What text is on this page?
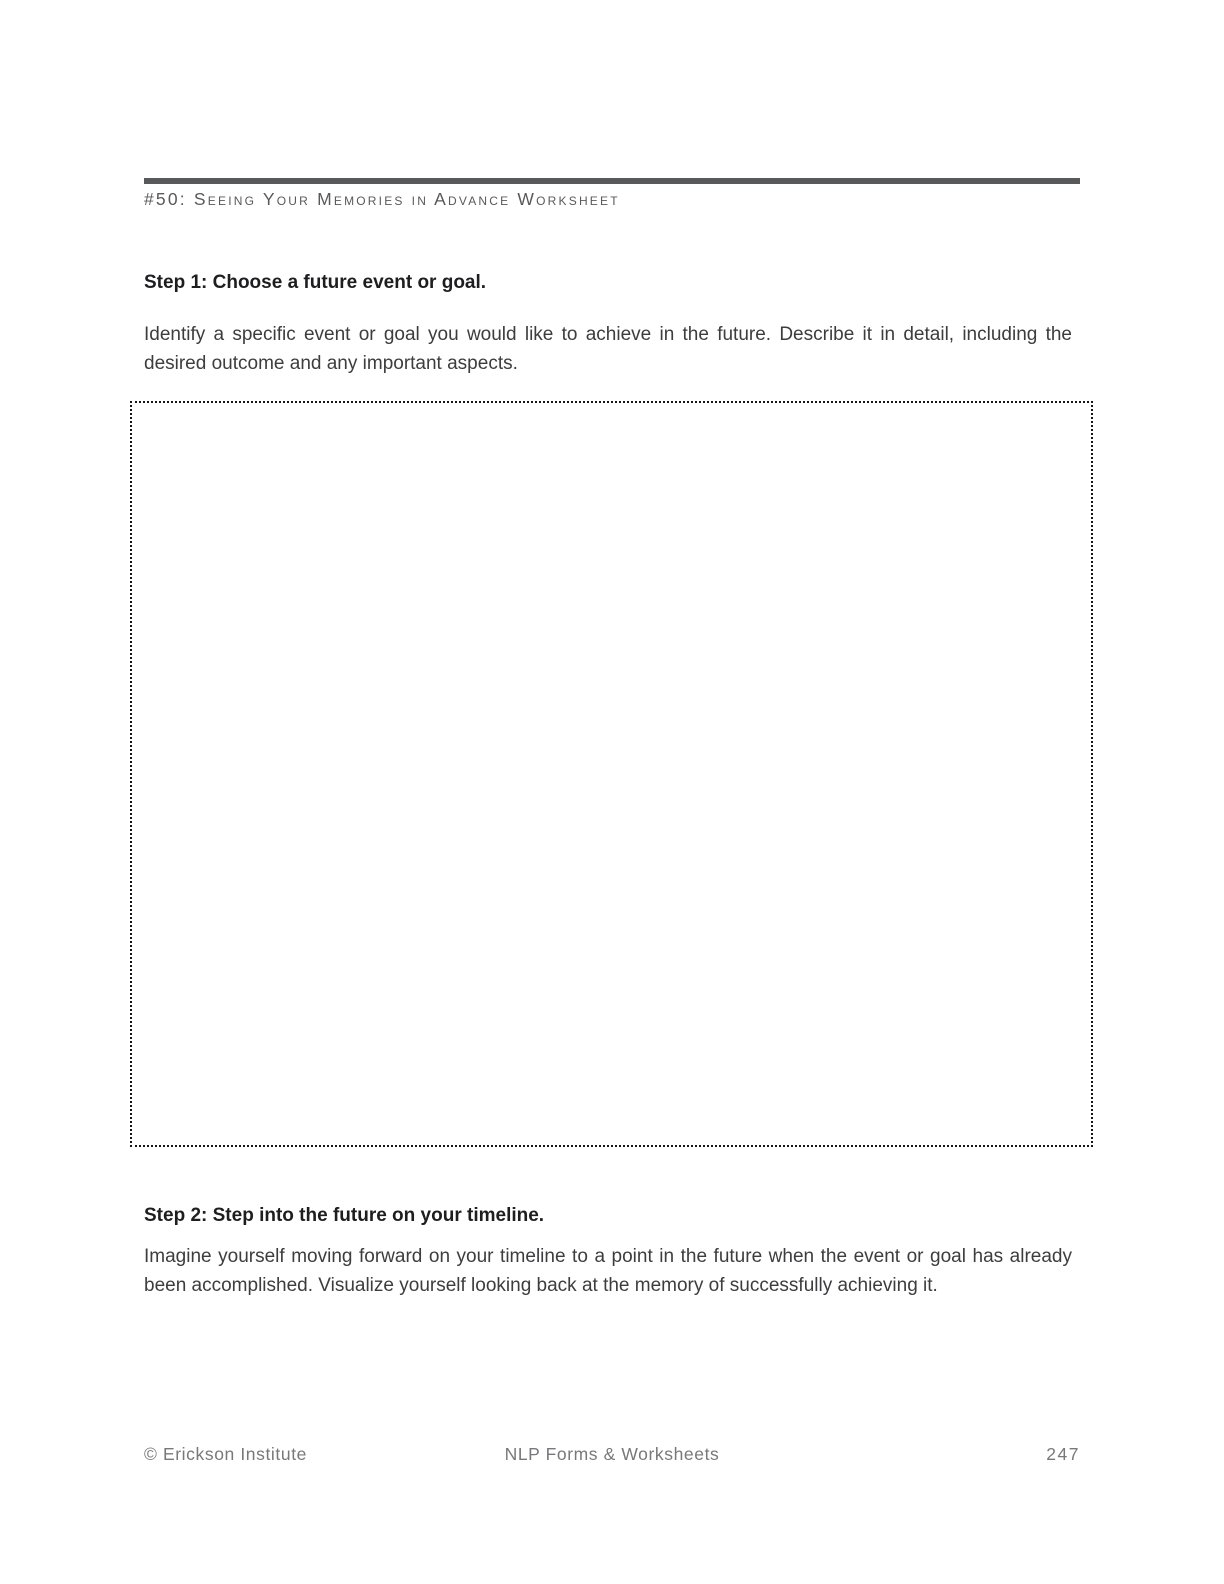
#50: Seeing Your Memories in Advance Worksheet
Step 1: Choose a future event or goal.
Identify a specific event or goal you would like to achieve in the future. Describe it in detail, including the desired outcome and any important aspects.
Step 2: Step into the future on your timeline.
Imagine yourself moving forward on your timeline to a point in the future when the event or goal has already been accomplished. Visualize yourself looking back at the memory of successfully achieving it.
© Erickson Institute	NLP Forms & Worksheets	247
